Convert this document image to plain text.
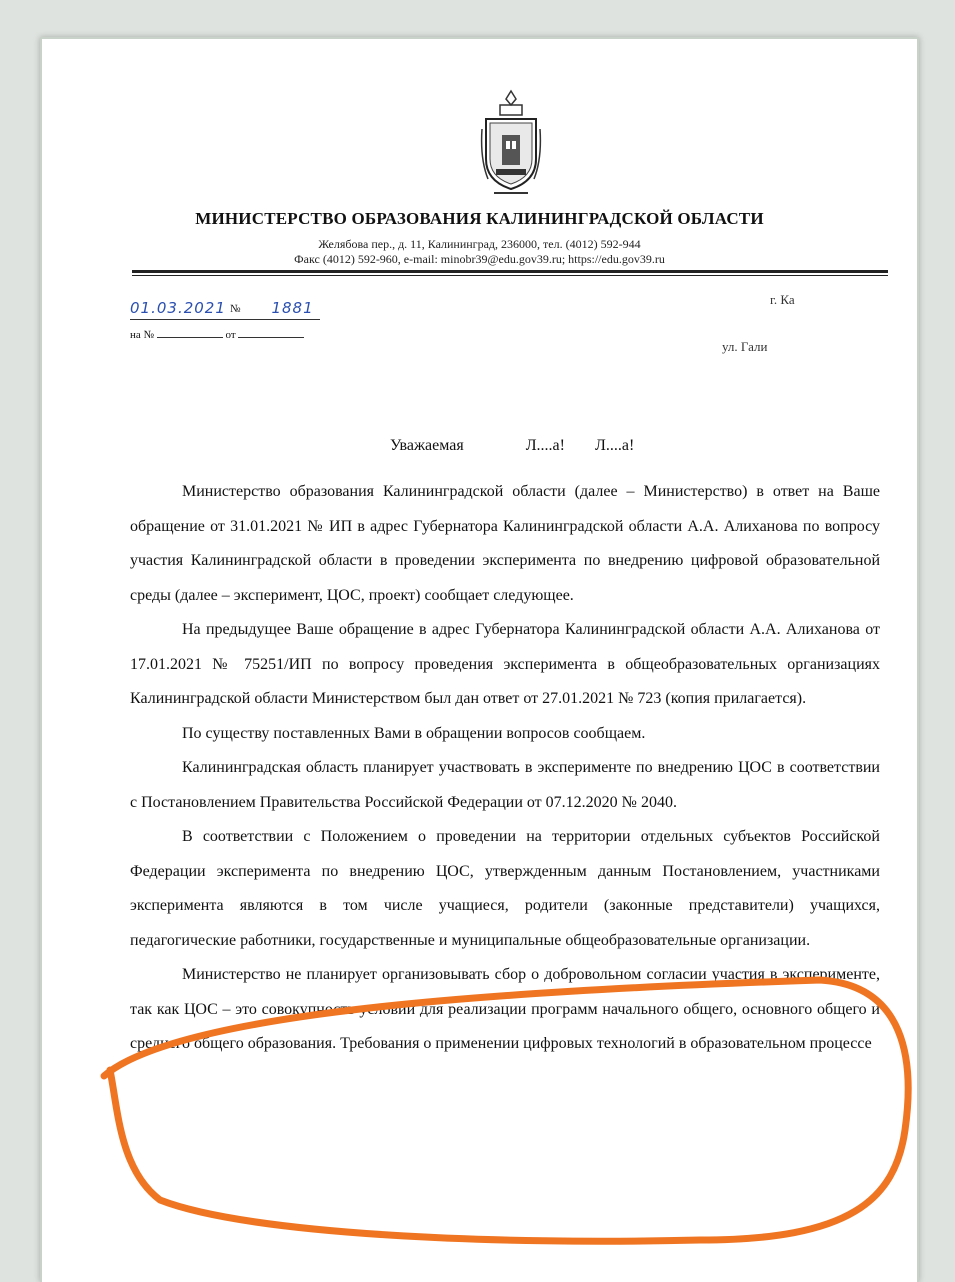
МИНИСТЕРСТВО ОБРАЗОВАНИЯ КАЛИНИНГРАДСКОЙ ОБЛАСТИ
Желябова пер., д. 11, Калининград, 236000, тел. (4012) 592-944
Факс (4012) 592-960, e-mail: minobr39@edu.gov39.ru; https://edu.gov39.ru
01.03.2021	1881
№
на №	от
г. Ка
ул. Гали
Уважаемая	Л....а! Л....а!

Министерство образования Калининградской области (далее – Министерство) в ответ на Ваше обращение от 31.01.2021 № ИП в адрес Губернатора Калининградской области А.А. Алиханова по вопросу участия Калининградской области в проведении эксперимента по внедрению цифровой образовательной среды (далее – эксперимент, ЦОС, проект) сообщает следующее.

На предыдущее Ваше обращение в адрес Губернатора Калининградской области А.А. Алиханова от 17.01.2021 № 75251/ИП по вопросу проведения эксперимента в общеобразовательных организациях Калининградской области Министерством был дан ответ от 27.01.2021 № 723 (копия прилагается).

По существу поставленных Вами в обращении вопросов сообщаем.

Калининградская область планирует участвовать в эксперименте по внедрению ЦОС в соответствии с Постановлением Правительства Российской Федерации от 07.12.2020 № 2040.

В соответствии с Положением о проведении на территории отдельных субъектов Российской Федерации эксперимента по внедрению ЦОС, утвержденным данным Постановлением, участниками эксперимента являются в том числе учащиеся, родители (законные представители) учащихся, педагогические работники, государственные и муниципальные общеобразовательные организации.

Министерство не планирует организовывать сбор о добровольном согласии участия в эксперименте, так как ЦОС – это совокупность условий для реализации программ начального общего, основного общего и среднего общего образования. Требования о применении цифровых технологий в образовательном процессе
